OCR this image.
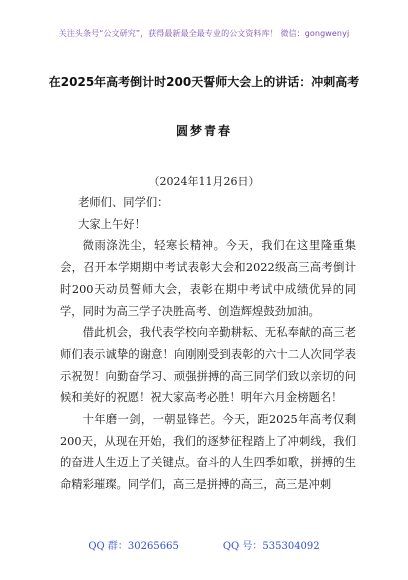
关注头条号“公文研究”，获得最新最全最专业的公文资料库！ 微信：gongwenyj
在2025年高考倒计时200天誓师大会上的讲话：冲刺高考
圆梦青春
（2024年11月26日）

老师们、同学们：

大家上午好！

微雨涤洗尘，轻寒长精神。今天，我们在这里隆重集会，召开本学期期中考试表彰大会和2022级高三高考倒计时200天动员誓师大会，表彰在期中考试中成绩优异的同学，同时为高三学子决胜高考、创造辉煌鼓劲加油。

借此机会，我代表学校向辛勤耕耘、无私奉献的高三老师们表示诚挚的谢意！向刚刚受到表彰的六十二人次同学表示祝贺！向勤奋学习、顽强拼搏的高三同学们致以亲切的问候和美好的祝愿！祝大家高考必胜！明年六月金榜题名！

十年磨一剑，一朝显锋芒。今天，距2025年高考仅剩200天，从现在开始，我们的逐梦征程踏上了冲刺线，我们的奋进人生迈上了关键点。奋斗的人生四季如歌，拼搏的生命精彩璀璨。同学们，高三是拼搏的高三，高三是冲刺

QQ 群：30265665	QQ 号：535304092
